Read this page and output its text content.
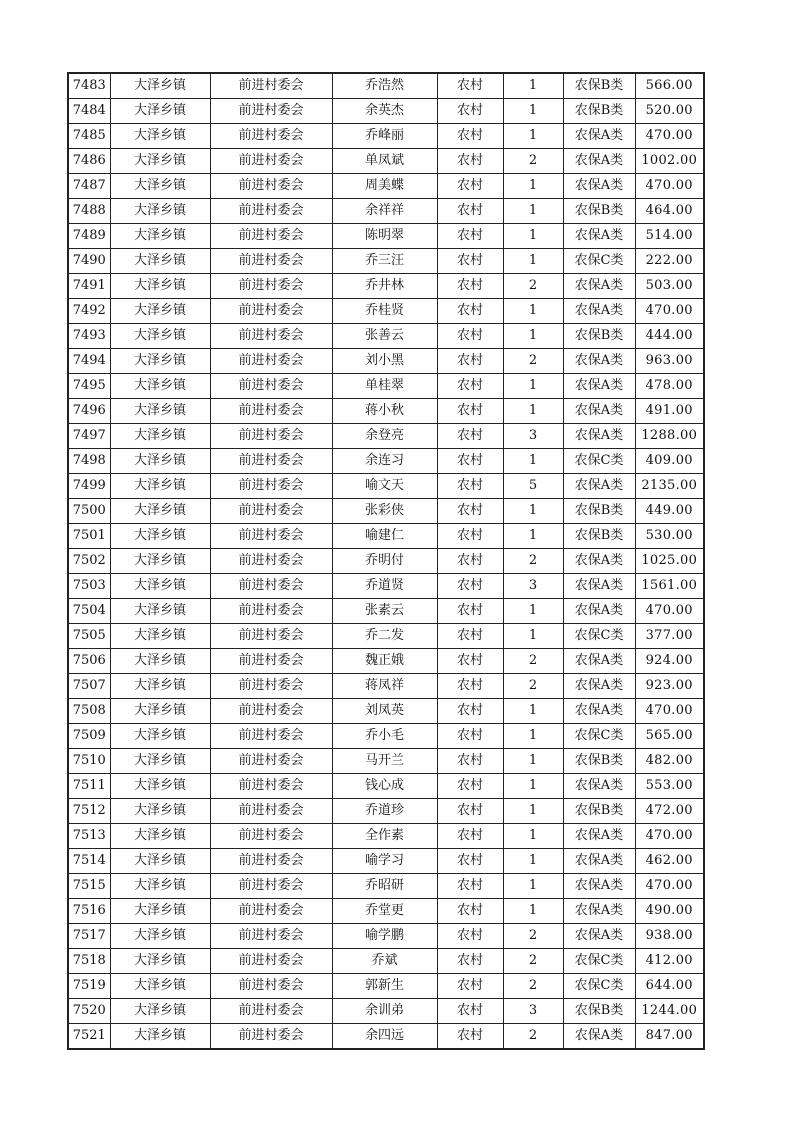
7483	大泽乡镇	前进村委会	乔浩然	农村	1	农保B类	566.00
7484	大泽乡镇	前进村委会	余英杰	农村	1	农保B类	520.00
7485	大泽乡镇	前进村委会	乔峰丽	农村	1	农保A类	470.00
7486	大泽乡镇	前进村委会	单凤斌	农村	2	农保A类	1002.00
7487	大泽乡镇	前进村委会	周美蝶	农村	1	农保A类	470.00
7488	大泽乡镇	前进村委会	余祥祥	农村	1	农保B类	464.00
7489	大泽乡镇	前进村委会	陈明翠	农村	1	农保A类	514.00
7490	大泽乡镇	前进村委会	乔三汪	农村	1	农保C类	222.00
7491	大泽乡镇	前进村委会	乔井林	农村	2	农保A类	503.00
7492	大泽乡镇	前进村委会	乔桂贤	农村	1	农保A类	470.00
7493	大泽乡镇	前进村委会	张善云	农村	1	农保B类	444.00
7494	大泽乡镇	前进村委会	刘小黑	农村	2	农保A类	963.00
7495	大泽乡镇	前进村委会	单桂翠	农村	1	农保A类	478.00
7496	大泽乡镇	前进村委会	蒋小秋	农村	1	农保A类	491.00
7497	大泽乡镇	前进村委会	余登亮	农村	3	农保A类	1288.00
7498	大泽乡镇	前进村委会	余连习	农村	1	农保C类	409.00
7499	大泽乡镇	前进村委会	喻文天	农村	5	农保A类	2135.00
7500	大泽乡镇	前进村委会	张彩侠	农村	1	农保B类	449.00
7501	大泽乡镇	前进村委会	喻建仁	农村	1	农保B类	530.00
7502	大泽乡镇	前进村委会	乔明付	农村	2	农保A类	1025.00
7503	大泽乡镇	前进村委会	乔道贤	农村	3	农保A类	1561.00
7504	大泽乡镇	前进村委会	张素云	农村	1	农保A类	470.00
7505	大泽乡镇	前进村委会	乔二发	农村	1	农保C类	377.00
7506	大泽乡镇	前进村委会	魏正娥	农村	2	农保A类	924.00
7507	大泽乡镇	前进村委会	蒋凤祥	农村	2	农保A类	923.00
7508	大泽乡镇	前进村委会	刘凤英	农村	1	农保A类	470.00
7509	大泽乡镇	前进村委会	乔小毛	农村	1	农保C类	565.00
7510	大泽乡镇	前进村委会	马开兰	农村	1	农保B类	482.00
7511	大泽乡镇	前进村委会	钱心成	农村	1	农保A类	553.00
7512	大泽乡镇	前进村委会	乔道珍	农村	1	农保B类	472.00
7513	大泽乡镇	前进村委会	全作素	农村	1	农保A类	470.00
7514	大泽乡镇	前进村委会	喻学习	农村	1	农保A类	462.00
7515	大泽乡镇	前进村委会	乔昭研	农村	1	农保A类	470.00
7516	大泽乡镇	前进村委会	乔堂更	农村	1	农保A类	490.00
7517	大泽乡镇	前进村委会	喻学鹏	农村	2	农保A类	938.00
7518	大泽乡镇	前进村委会	乔斌	农村	2	农保C类	412.00
7519	大泽乡镇	前进村委会	郭新生	农村	2	农保C类	644.00
7520	大泽乡镇	前进村委会	余训弟	农村	3	农保B类	1244.00
7521	大泽乡镇	前进村委会	余四远	农村	2	农保A类	847.00
